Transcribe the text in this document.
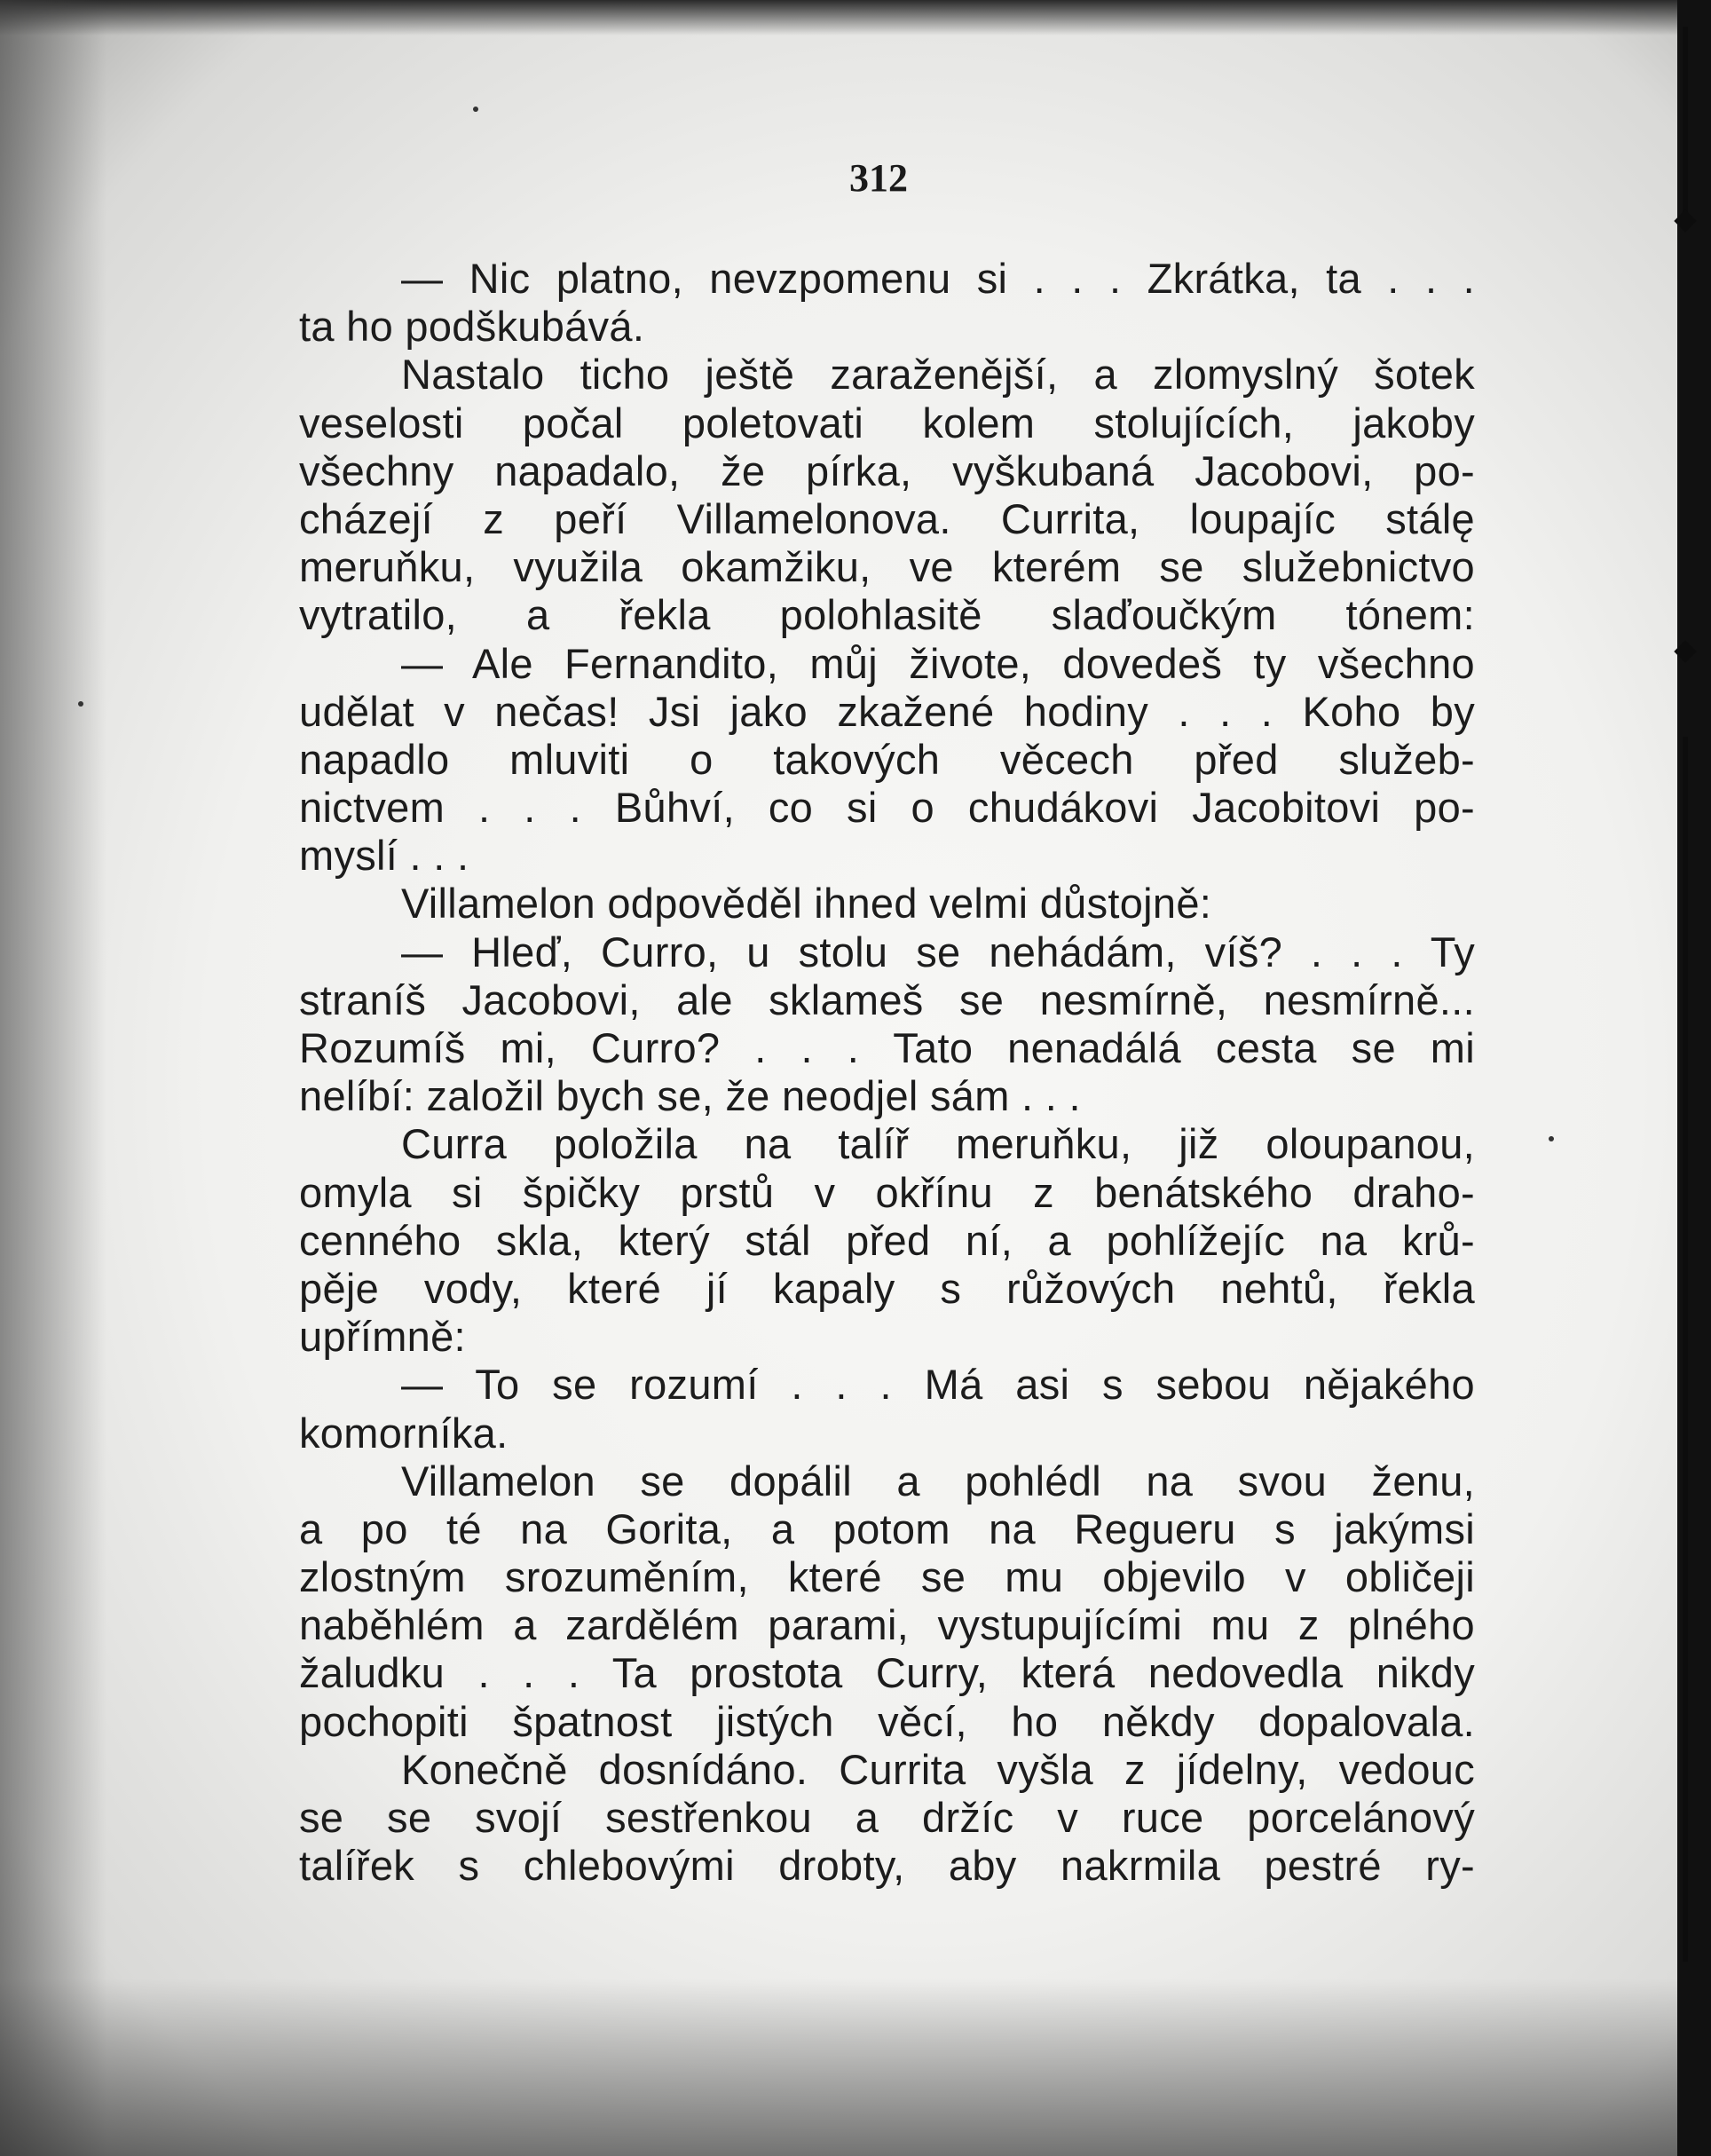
312
— Nic platno, nevzpomenu si . . . Zkrátka, ta . . .
ta ho podškubává.
Nastalo ticho ještě zaraženější, a zlomyslný šotek
veselosti počal poletovati kolem stolujících, jakoby
všechny napadalo, že pírka, vyškubaná Jacobovi, po-
cházejí z peří Villamelonova. Currita, loupajíc stálę
meruňku, využila okamžiku, ve kterém se služebnictvo
vytratilo, a řekla polohlasitě slaďoučkým tónem:
— Ale Fernandito, můj živote, dovedeš ty všechno
udělat v nečas! Jsi jako zkažené hodiny . . . Koho by
napadlo mluviti o takových věcech před služeb-
nictvem . . . Bůhví, co si o chudákovi Jacobitovi po-
myslí . . .
Villamelon odpověděl ihned velmi důstojně:
— Hleď, Curro, u stolu se nehádám, víš? . . . Ty
straníš Jacobovi, ale sklameš se nesmírně, nesmírně...
Rozumíš mi, Curro? . . . Tato nenadálá cesta se mi
nelíbí: založil bych se, že neodjel sám . . .
Curra položila na talíř meruňku, již oloupanou,
omyla si špičky prstů v okřínu z benátského draho-
cenného skla, který stál před ní, a pohlížejíc na krů-
pěje vody, které jí kapaly s růžových nehtů, řekla
upřímně:
— To se rozumí . . . Má asi s sebou nějakého
komorníka.
Villamelon se dopálil a pohlédl na svou ženu,
a po té na Gorita, a potom na Regueru s jakýmsi
zlostným srozuměním, které se mu objevilo v obličeji
naběhlém a zardělém parami, vystupujícími mu z plného
žaludku . . . Ta prostota Curry, která nedovedla nikdy
pochopiti špatnost jistých věcí, ho někdy dopalovala.
Konečně dosnídáno. Currita vyšla z jídelny, vedouc
se se svojí sestřenkou a držíc v ruce porcelánový
talířek s chlebovými drobty, aby nakrmila pestré ry-
